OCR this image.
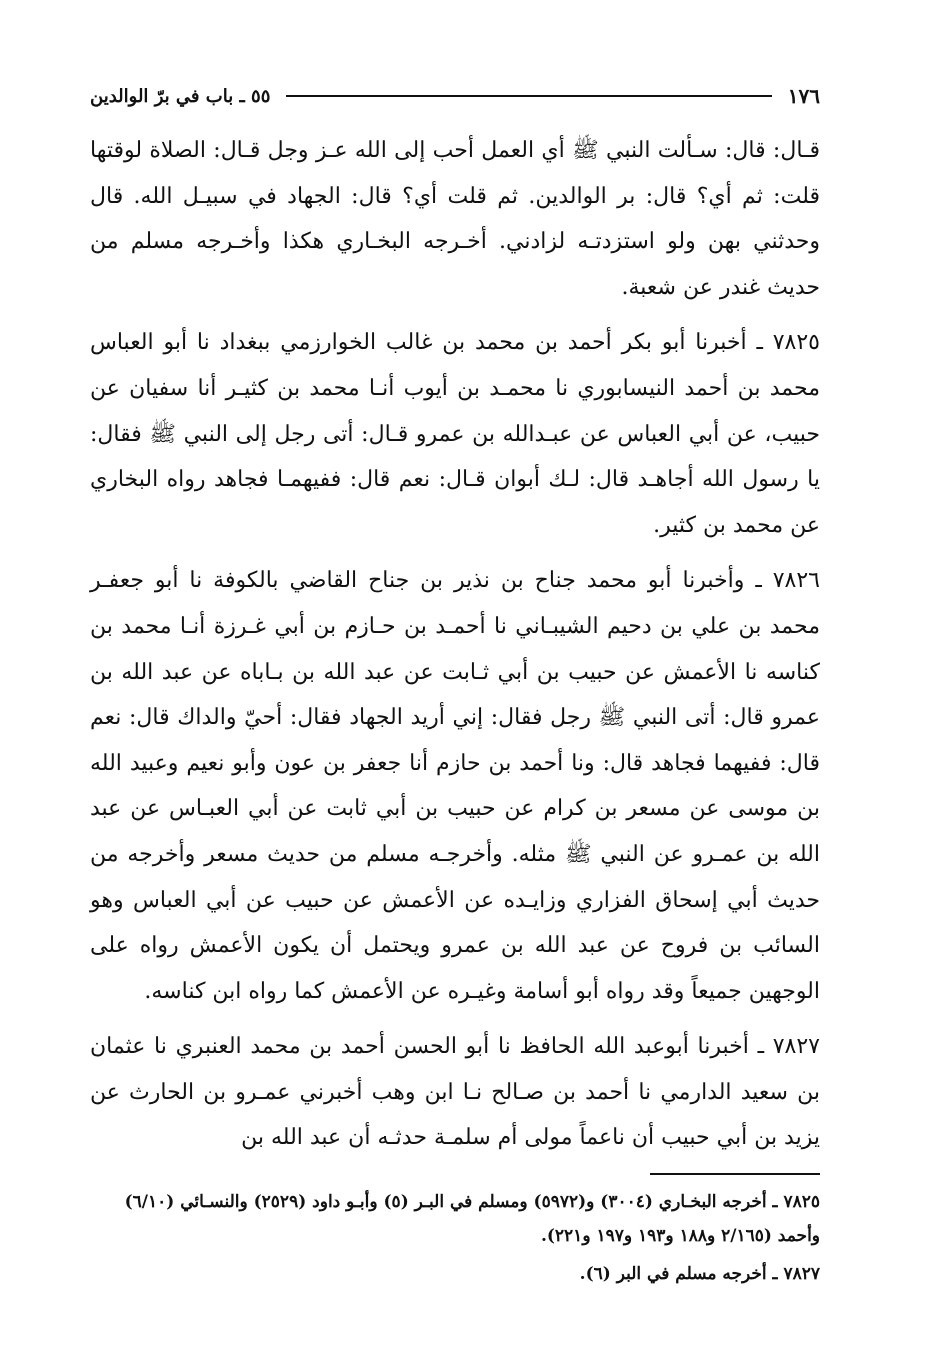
١٧٦
٥٥ ـ باب في برّ الوالدين

قـال: قال: سـألت النبي ﷺ أي العمل أحب إلى الله عـز وجل قـال: الصلاة لوقتها قلت: ثم أي؟ قال: بر الوالدين. ثم قلت أي؟ قال: الجهاد في سبيـل الله. قال وحدثني بهن ولو استزدتـه لزادني. أخـرجه البخـاري هكذا وأخـرجه مسلم من حديث غندر عن شعبة.

٧٨٢٥ ـ أخبرنا أبو بكر أحمد بن محمد بن غالب الخوارزمي ببغداد نا أبو العباس محمد بن أحمد النيسابوري نا محمـد بن أيوب أنـا محمد بن كثيـر أنا سفيان عن حبيب، عن أبي العباس عن عبـدالله بن عمرو قـال: أتى رجل إلى النبي ﷺ فقال: يا رسول الله أجاهـد قال: لـك أبوان قـال: نعم قال: ففيهمـا فجاهد رواه البخاري عن محمد بن كثير.

٧٨٢٦ ـ وأخبرنا أبو محمد جناح بن نذير بن جناح القاضي بالكوفة نا أبو جعفـر محمد بن علي بن دحيم الشيبـاني نا أحمـد بن حـازم بن أبي غـرزة أنـا محمد بن كناسه نا الأعمش عن حبيب بن أبي ثـابت عن عبد الله بن بـاباه عن عبد الله بن عمرو قال: أتى النبي ﷺ رجل فقال: إني أريد الجهاد فقال: أحيّ والداك قال: نعم قال: ففيهما فجاهد قال: ونا أحمد بن حازم أنا جعفر بن عون وأبو نعيم وعبيد الله بن موسى عن مسعر بن كرام عن حبيب بن أبي ثابت عن أبي العبـاس عن عبد الله بن عمـرو عن النبي ﷺ مثله. وأخرجـه مسلم من حديث مسعر وأخرجه من حديث أبي إسحاق الفزاري وزايـده عن الأعمش عن حبيب عن أبي العباس وهو السائب بن فروح عن عبد الله بن عمرو ويحتمل أن يكون الأعمش رواه على الوجهين جميعاً وقد رواه أبو أسامة وغيـره عن الأعمش كما رواه ابن كناسه.

٧٨٢٧ ـ أخبرنا أبوعبد الله الحافظ نا أبو الحسن أحمد بن محمد العنبري نا عثمان بن سعيد الدارمي نا أحمد بن صـالح نـا ابن وهب أخبرني عمـرو بن الحارث عن يزيد بن أبي حبيب أن ناعماً مولى أم سلمـة حدثـه أن عبد الله بن

٧٨٢٥ ـ أخرجه البخـاري (٣٠٠٤) و(٥٩٧٢) ومسلم في البـر (٥) وأبـو داود (٢٥٢٩) والنسـائي (٦/١٠) وأحمد (٢/١٦٥ و١٨٨ و١٩٣ و١٩٧ و٢٢١).

٧٨٢٧ ـ أخرجه مسلم في البر (٦).
